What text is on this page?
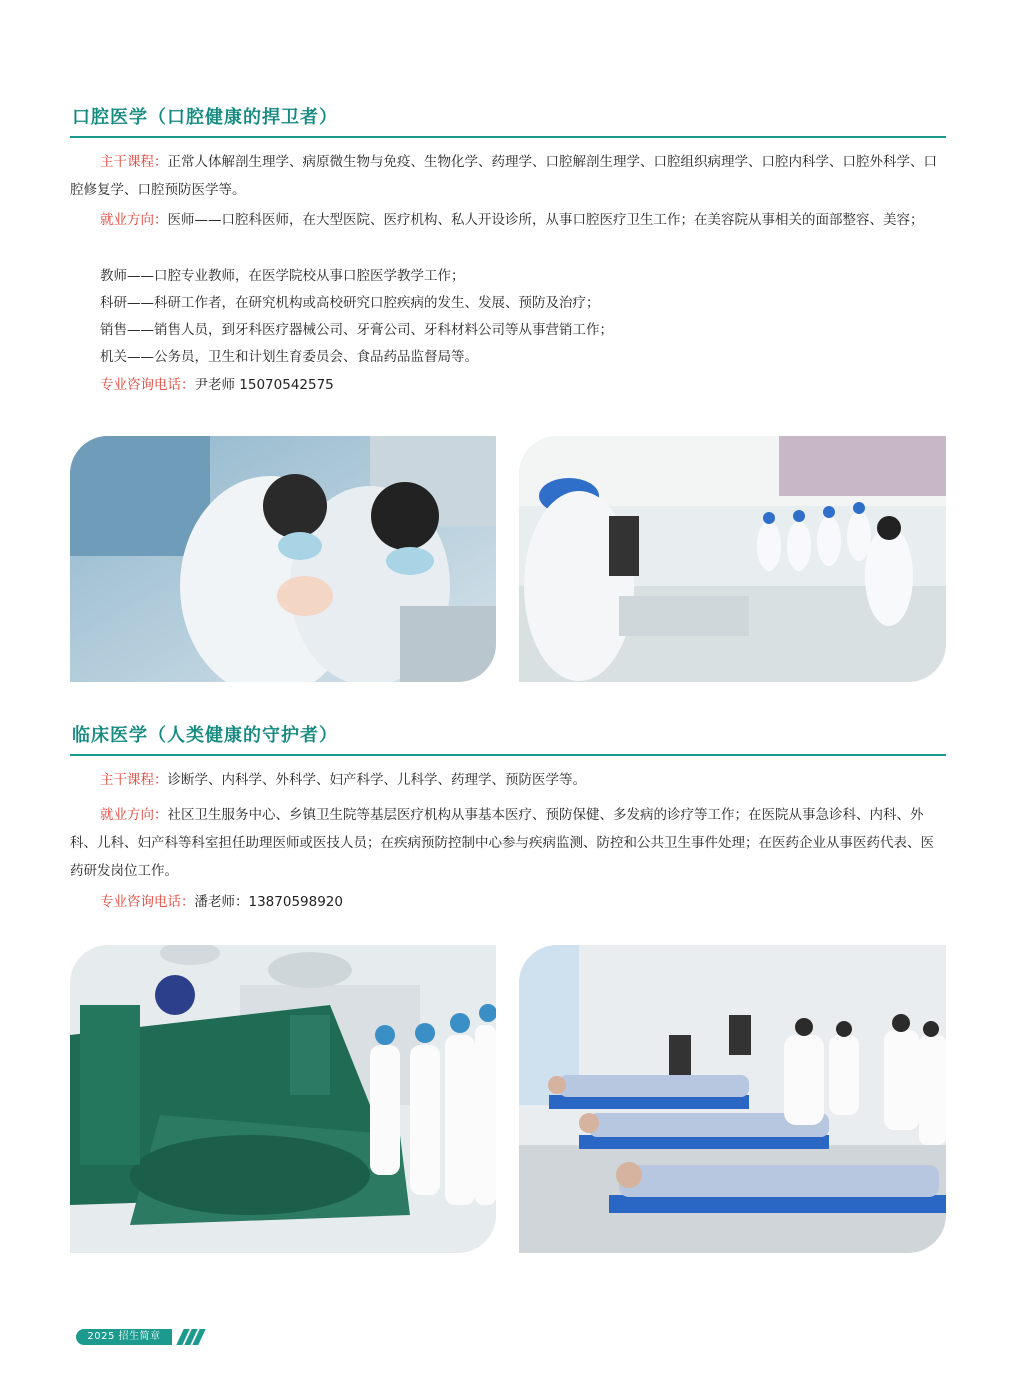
口腔医学（口腔健康的捍卫者）
主干课程：正常人体解剖生理学、病原微生物与免疫、生物化学、药理学、口腔解剖生理学、口腔组织病理学、口腔内科学、口腔外科学、口腔修复学、口腔预防医学等。
就业方向：医师——口腔科医师，在大型医院、医疗机构、私人开设诊所，从事口腔医疗卫生工作；在美容院从事相关的面部整容、美容；
教师——口腔专业教师，在医学院校从事口腔医学教学工作；
科研——科研工作者，在研究机构或高校研究口腔疾病的发生、发展、预防及治疗；
销售——销售人员，到牙科医疗器械公司、牙膏公司、牙科材料公司等从事营销工作；
机关——公务员，卫生和计划生育委员会、食品药品监督局等。
专业咨询电话：尹老师 15070542575
临床医学（人类健康的守护者）
主干课程：诊断学、内科学、外科学、妇产科学、儿科学、药理学、预防医学等。
就业方向：社区卫生服务中心、乡镇卫生院等基层医疗机构从事基本医疗、预防保健、多发病的诊疗等工作；在医院从事急诊科、内科、外科、儿科、妇产科等科室担任助理医师或医技人员；在疾病预防控制中心参与疾病监测、防控和公共卫生事件处理；在医药企业从事医药代表、医药研发岗位工作。
专业咨询电话：潘老师：13870598920
2025 招生简章
